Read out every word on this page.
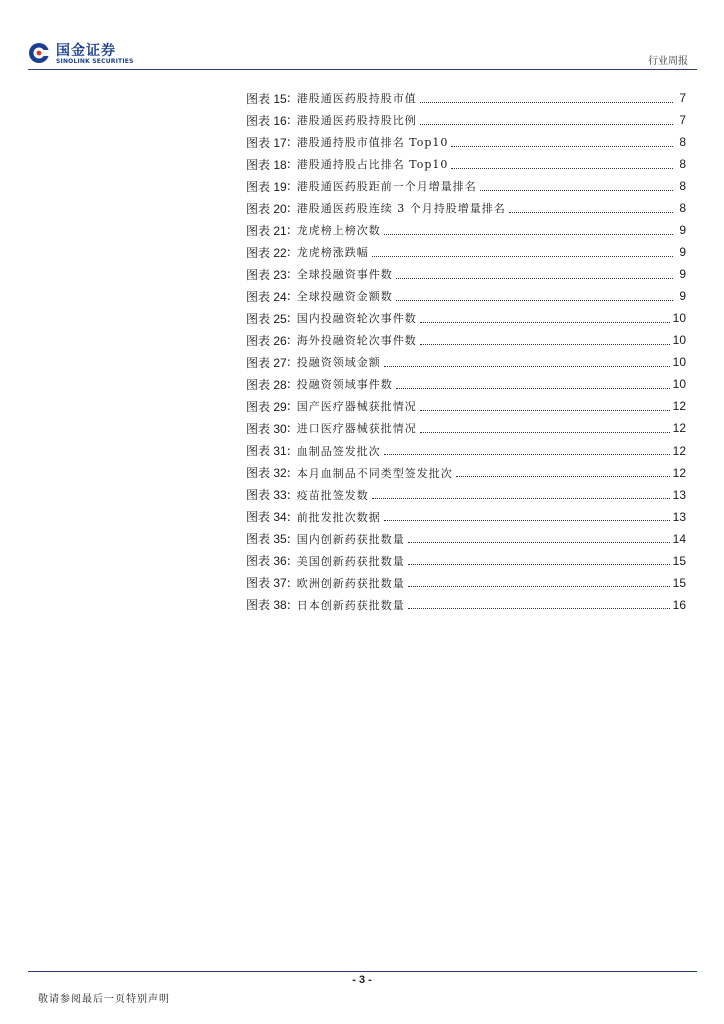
国金证券
SINOLINK SECURITIES	行业周报
图表 15 : 港股通医药股持股市值	7
图表 16 : 港股通医药股持股比例	7
图表 17 : 港股通持股市值排名 Top10	8
图表 18 : 港股通持股占比排名 Top10	8
图表 19 : 港股通医药股距前一个月增量排名	8
图表 20 : 港股通医药股连续 3 个月持股增量排名	8
图表 21 : 龙虎榜上榜次数	9
图表 22 : 龙虎榜涨跌幅	9
图表 23 : 全球投融资事件数	9
图表 24 : 全球投融资金额数	9
图表 25 : 国内投融资轮次事件数	10
图表 26 : 海外投融资轮次事件数	10
图表 27 : 投融资领域金额	10
图表 28 : 投融资领域事件数	10
图表 29 : 国产医疗器械获批情况	12
图表 30 : 进口医疗器械获批情况	12
图表 31 : 血制品签发批次	12
图表 32 : 本月血制品不同类型签发批次	12
图表 33 : 疫苗批签发数	13
图表 34 : 前批发批次数据	13
图表 35 : 国内创新药获批数量	14
图表 36 : 美国创新药获批数量	15
图表 37 : 欧洲创新药获批数量	15
图表 38 : 日本创新药获批数量	16
- 3 -
敬请参阅最后一页特别声明
